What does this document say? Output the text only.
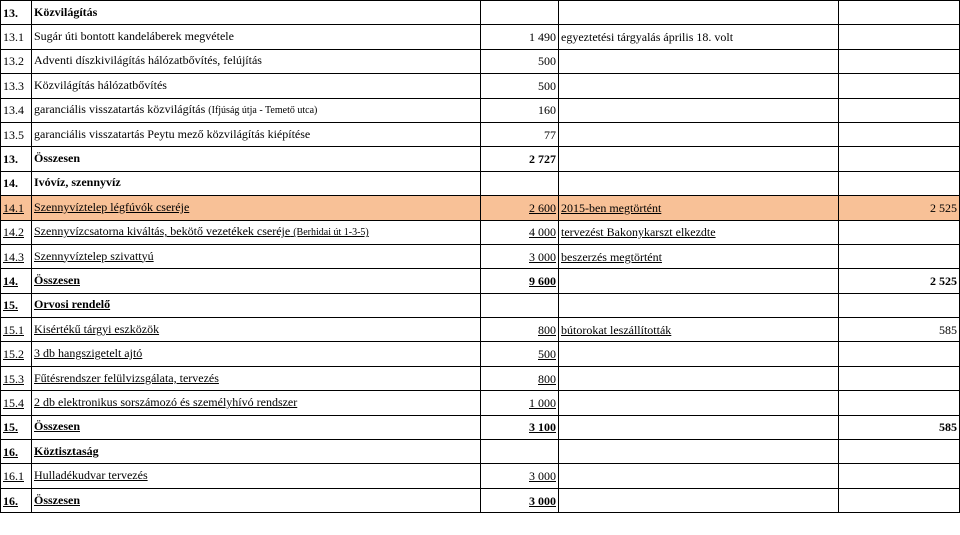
13.	Közvilágítás			
13.1	Sugár úti bontott kandeláberek megvétele	1 490	egyeztetési tárgyalás április 18. volt	
13.2	Adventi díszkivilágítás hálózatbővítés, felújítás	500		
13.3	Közvilágítás hálózatbővítés	500		
13.4	garanciális visszatartás közvilágítás (Ifjúság útja - Temető utca)	160		
13.5	garanciális visszatartás Peytu mező közvilágítás kiépítése	77		
13.	Összesen	2 727		
14.	Ivóvíz, szennyvíz			
14.1	Szennyvíztelep légfúvók cseréje	2 600	2015-ben megtörtént	2 525
14.2	Szennyvízcsatorna kiváltás, bekötő vezetékek cseréje (Berhidai út 1-3-5)	4 000	tervezést Bakonykarszt elkezdte	
14.3	Szennyvíztelep szivattyú	3 000	beszerzés megtörtént	
14.	Összesen	9 600		2 525
15.	Orvosi rendelő			
15.1	Kisértékű tárgyi eszközök	800	bútorokat leszállították	585
15.2	3 db hangszigetelt ajtó	500		
15.3	Fűtésrendszer felülvizsgálata, tervezés	800		
15.4	2 db elektronikus sorszámozó és személyhívó rendszer	1 000		
15.	Összesen	3 100		585
16.	Köztisztaság			
16.1	Hulladékudvar tervezés	3 000		
16.	Összesen	3 000		
